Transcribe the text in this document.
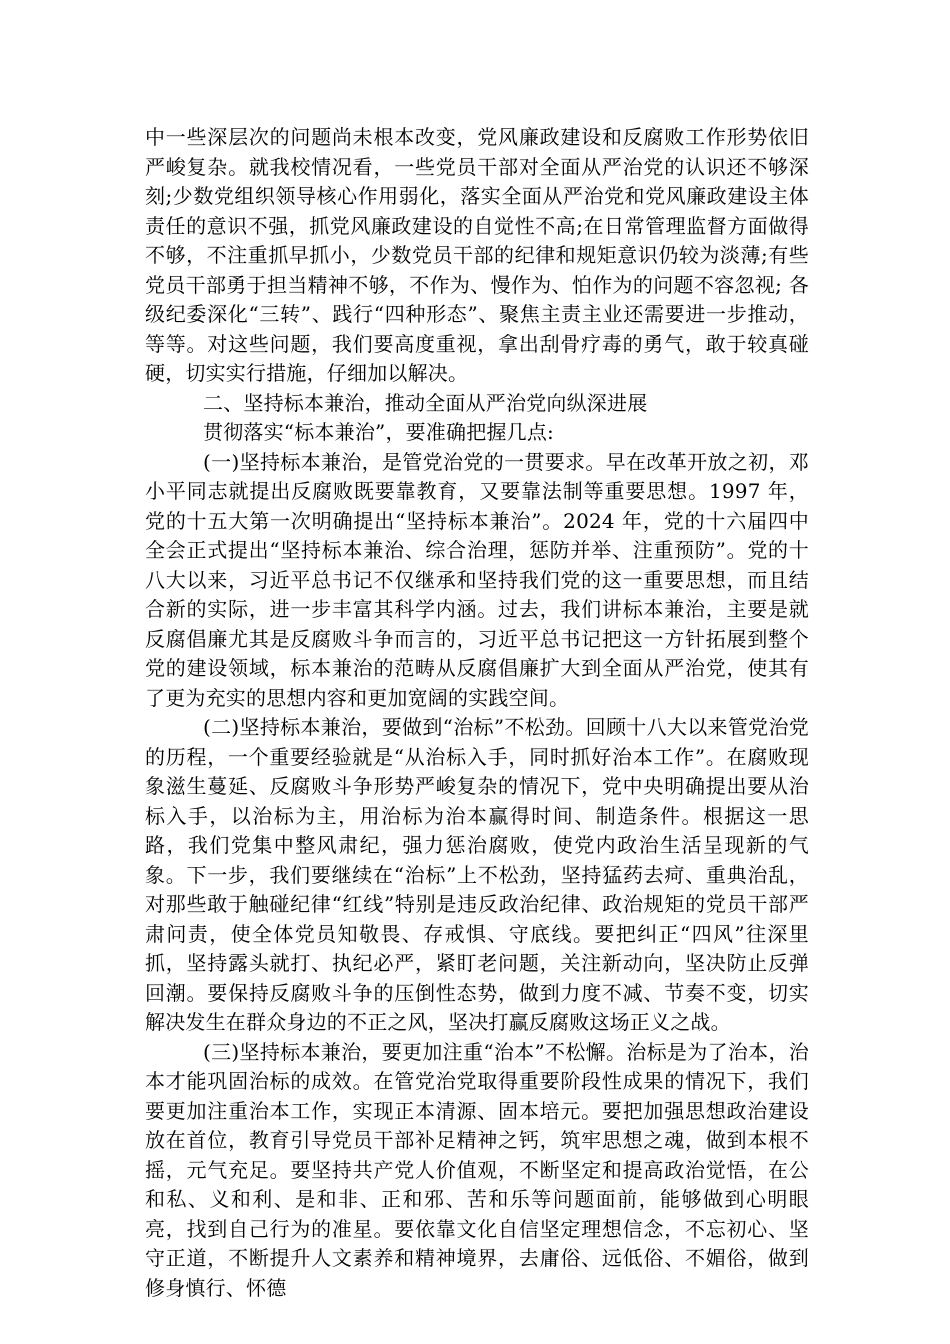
中一些深层次的问题尚未根本改变，党风廉政建设和反腐败工作形势依旧严峻复杂。就我校情况看，一些党员干部对全面从严治党的认识还不够深刻;少数党组织领导核心作用弱化，落实全面从严治党和党风廉政建设主体责任的意识不强，抓党风廉政建设的自觉性不高;在日常管理监督方面做得不够，不注重抓早抓小，少数党员干部的纪律和规矩意识仍较为淡薄;有些党员干部勇于担当精神不够，不作为、慢作为、怕作为的问题不容忽视; 各级纪委深化“三转”、践行“四种形态”、聚焦主责主业还需要进一步推动，等等。对这些问题，我们要高度重视，拿出刮骨疗毒的勇气，敢于较真碰硬，切实实行措施，仔细加以解决。

二、坚持标本兼治，推动全面从严治党向纵深进展

贯彻落实“标本兼治”，要准确把握几点:

(一)坚持标本兼治，是管党治党的一贯要求。早在改革开放之初，邓小平同志就提出反腐败既要靠教育，又要靠法制等重要思想。1997 年，党的十五大第一次明确提出“坚持标本兼治”。2024 年，党的十六届四中全会正式提出“坚持标本兼治、综合治理，惩防并举、注重预防”。党的十八大以来，习近平总书记不仅继承和坚持我们党的这一重要思想，而且结合新的实际，进一步丰富其科学内涵。过去，我们讲标本兼治，主要是就反腐倡廉尤其是反腐败斗争而言的，习近平总书记把这一方针拓展到整个党的建设领域，标本兼治的范畴从反腐倡廉扩大到全面从严治党，使其有了更为充实的思想内容和更加宽阔的实践空间。

(二)坚持标本兼治，要做到“治标”不松劲。回顾十八大以来管党治党的历程，一个重要经验就是“从治标入手，同时抓好治本工作”。在腐败现象滋生蔓延、反腐败斗争形势严峻复杂的情况下，党中央明确提出要从治标入手，以治标为主，用治标为治本赢得时间、制造条件。根据这一思路，我们党集中整风肃纪，强力惩治腐败，使党内政治生活呈现新的气象。下一步，我们要继续在“治标”上不松劲，坚持猛药去疴、重典治乱，对那些敢于触碰纪律“红线”特别是违反政治纪律、政治规矩的党员干部严肃问责，使全体党员知敬畏、存戒惧、守底线。要把纠正“四风”往深里抓，坚持露头就打、执纪必严，紧盯老问题，关注新动向，坚决防止反弹回潮。要保持反腐败斗争的压倒性态势，做到力度不减、节奏不变，切实解决发生在群众身边的不正之风，坚决打赢反腐败这场正义之战。

(三)坚持标本兼治，要更加注重“治本”不松懈。治标是为了治本，治本才能巩固治标的成效。在管党治党取得重要阶段性成果的情况下，我们要更加注重治本工作，实现正本清源、固本培元。要把加强思想政治建设放在首位，教育引导党员干部补足精神之钙，筑牢思想之魂，做到本根不摇，元气充足。要坚持共产党人价值观，不断坚定和提高政治觉悟，在公和私、义和利、是和非、正和邪、苦和乐等问题面前，能够做到心明眼亮，找到自己行为的准星。要依靠文化自信坚定理想信念，不忘初心、坚守正道，不断提升人文素养和精神境界，去庸俗、远低俗、不媚俗，做到修身慎行、怀德
